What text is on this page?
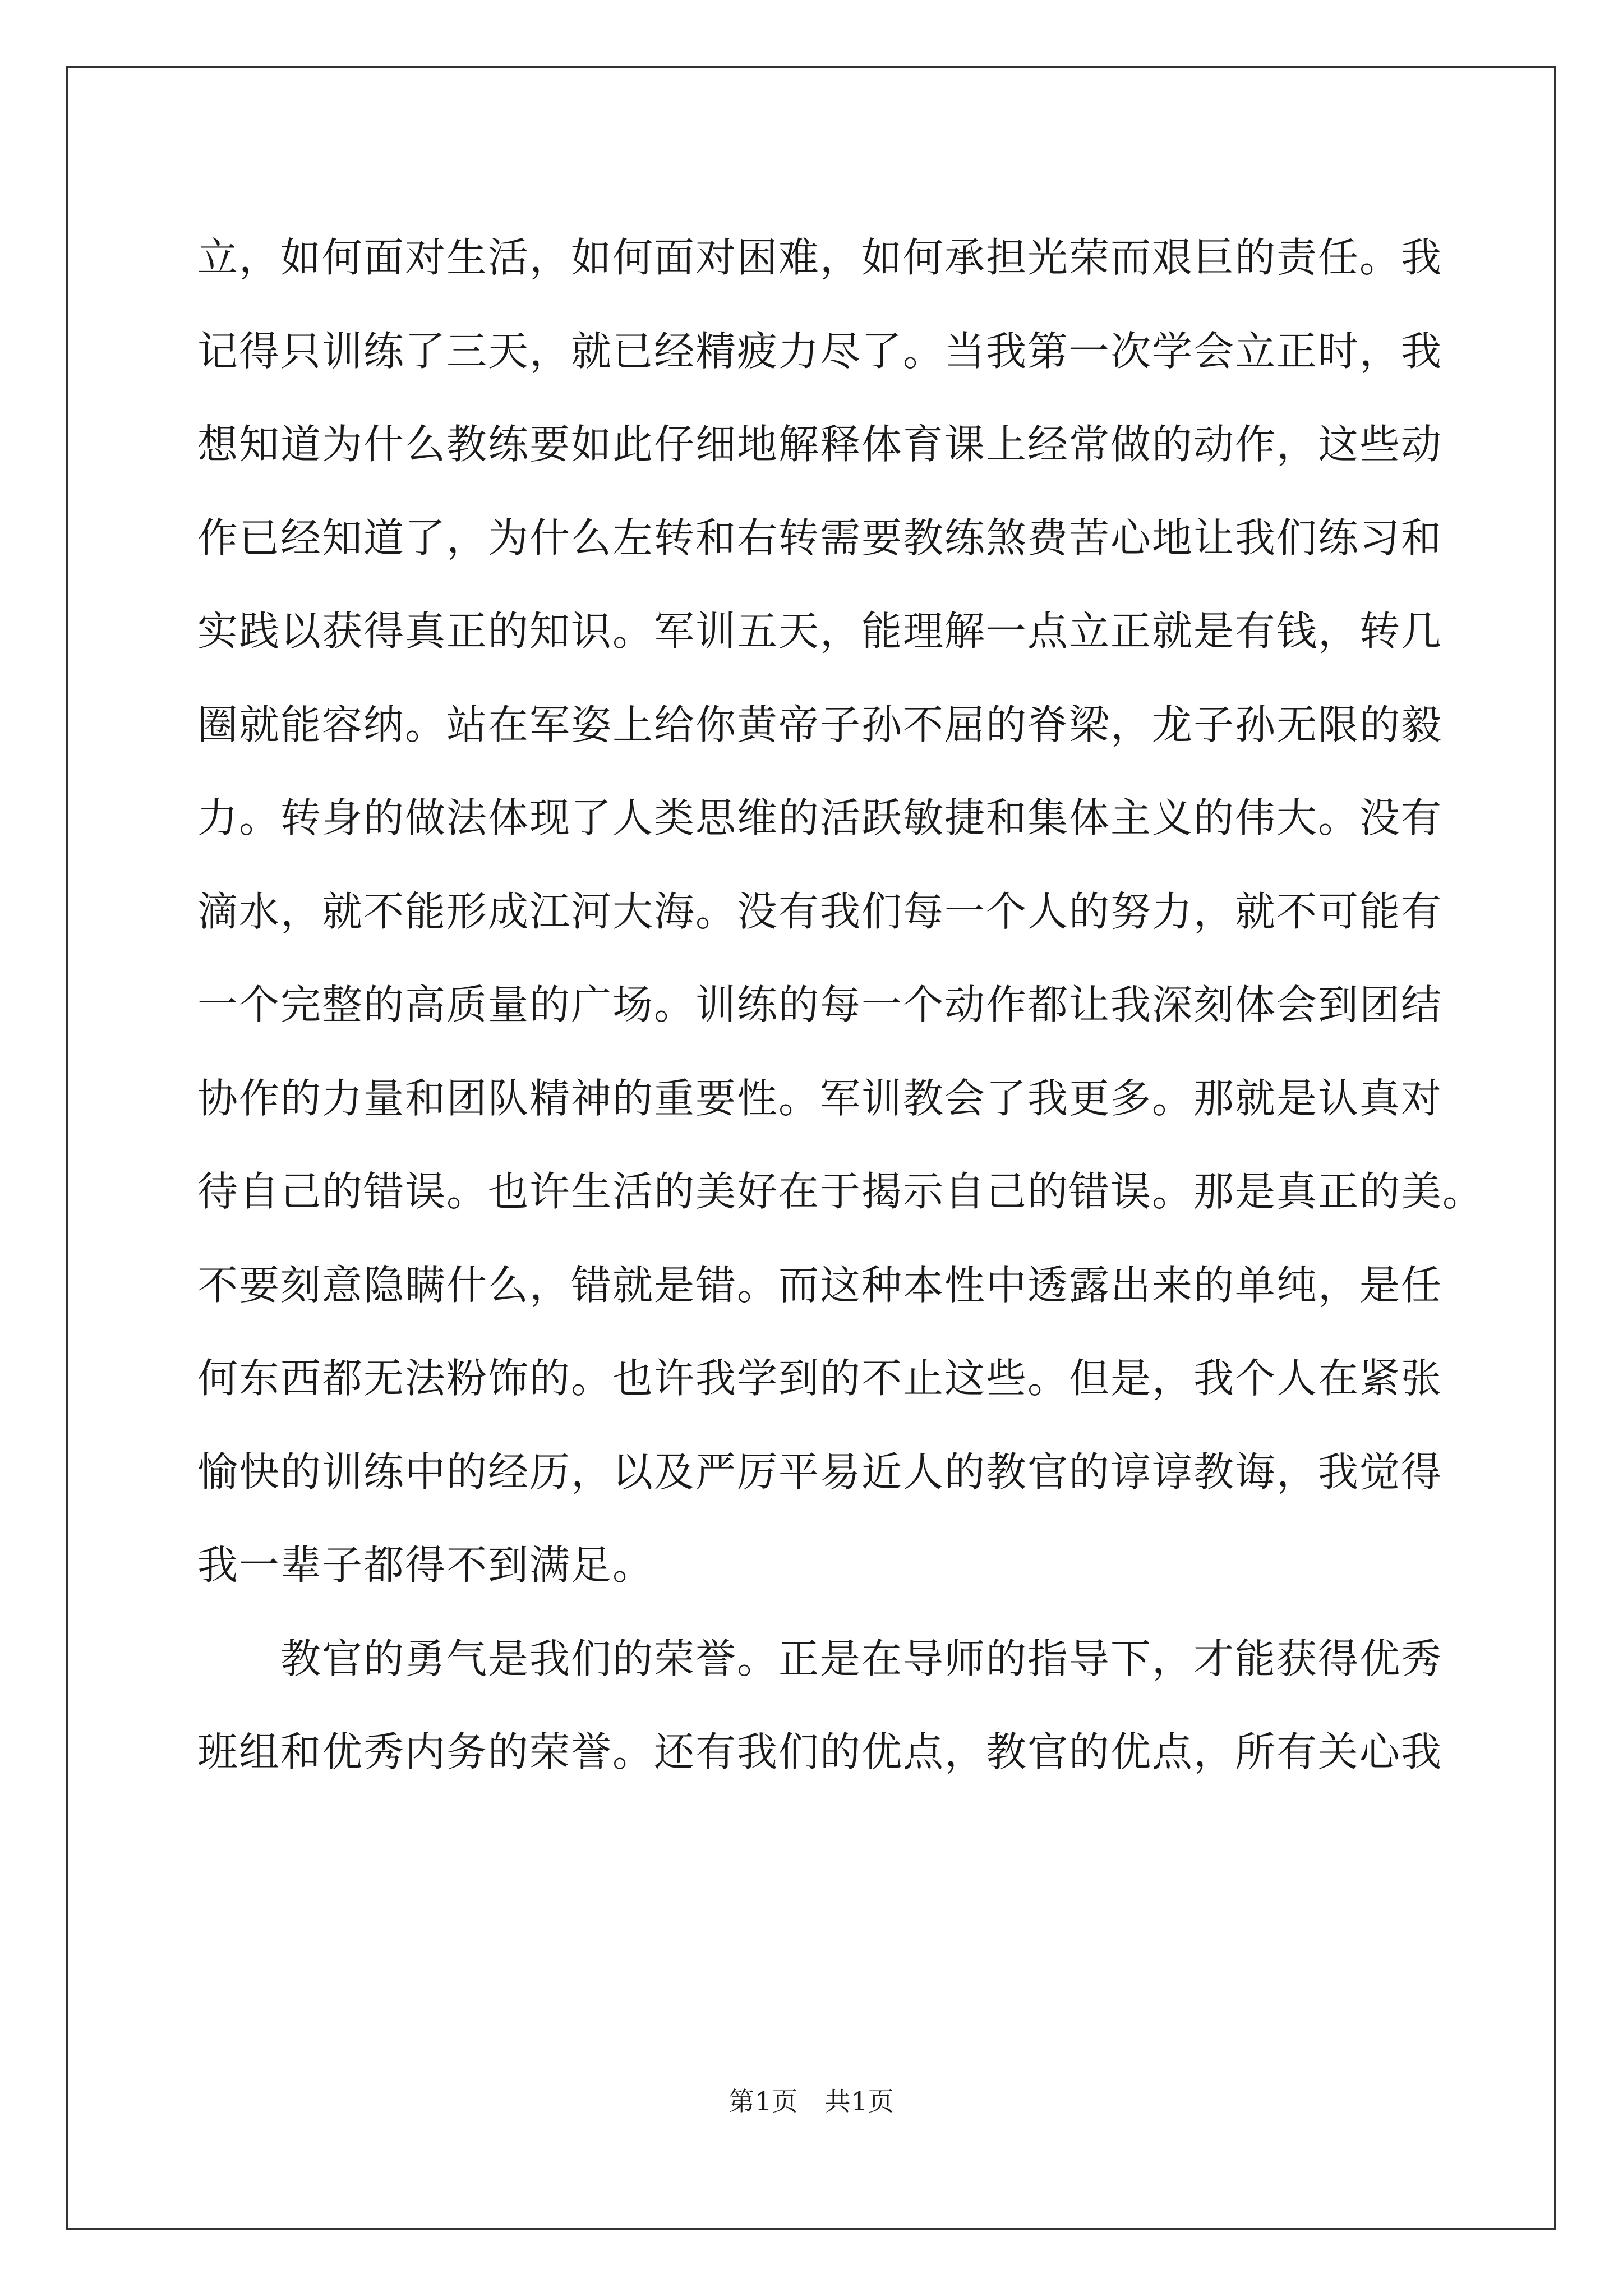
立，如何面对生活，如何面对困难，如何承担光荣而艰巨的责任。我
记得只训练了三天，就已经精疲力尽了。当我第一次学会立正时，我
想知道为什么教练要如此仔细地解释体育课上经常做的动作，这些动
作已经知道了，为什么左转和右转需要教练煞费苦心地让我们练习和
实践以获得真正的知识。军训五天，能理解一点立正就是有钱，转几
圈就能容纳。站在军姿上给你黄帝子孙不屈的脊梁，龙子孙无限的毅
力。转身的做法体现了人类思维的活跃敏捷和集体主义的伟大。没有
滴水，就不能形成江河大海。没有我们每一个人的努力，就不可能有
一个完整的高质量的广场。训练的每一个动作都让我深刻体会到团结
协作的力量和团队精神的重要性。军训教会了我更多。那就是认真对
待自己的错误。也许生活的美好在于揭示自己的错误。那是真正的美。
不要刻意隐瞒什么，错就是错。而这种本性中透露出来的单纯，是任
何东西都无法粉饰的。也许我学到的不止这些。但是，我个人在紧张
愉快的训练中的经历，以及严厉平易近人的教官的谆谆教诲，我觉得
我一辈子都得不到满足。
教官的勇气是我们的荣誉。正是在导师的指导下，才能获得优秀
班组和优秀内务的荣誉。还有我们的优点，教官的优点，所有关心我
第1页　共1页
